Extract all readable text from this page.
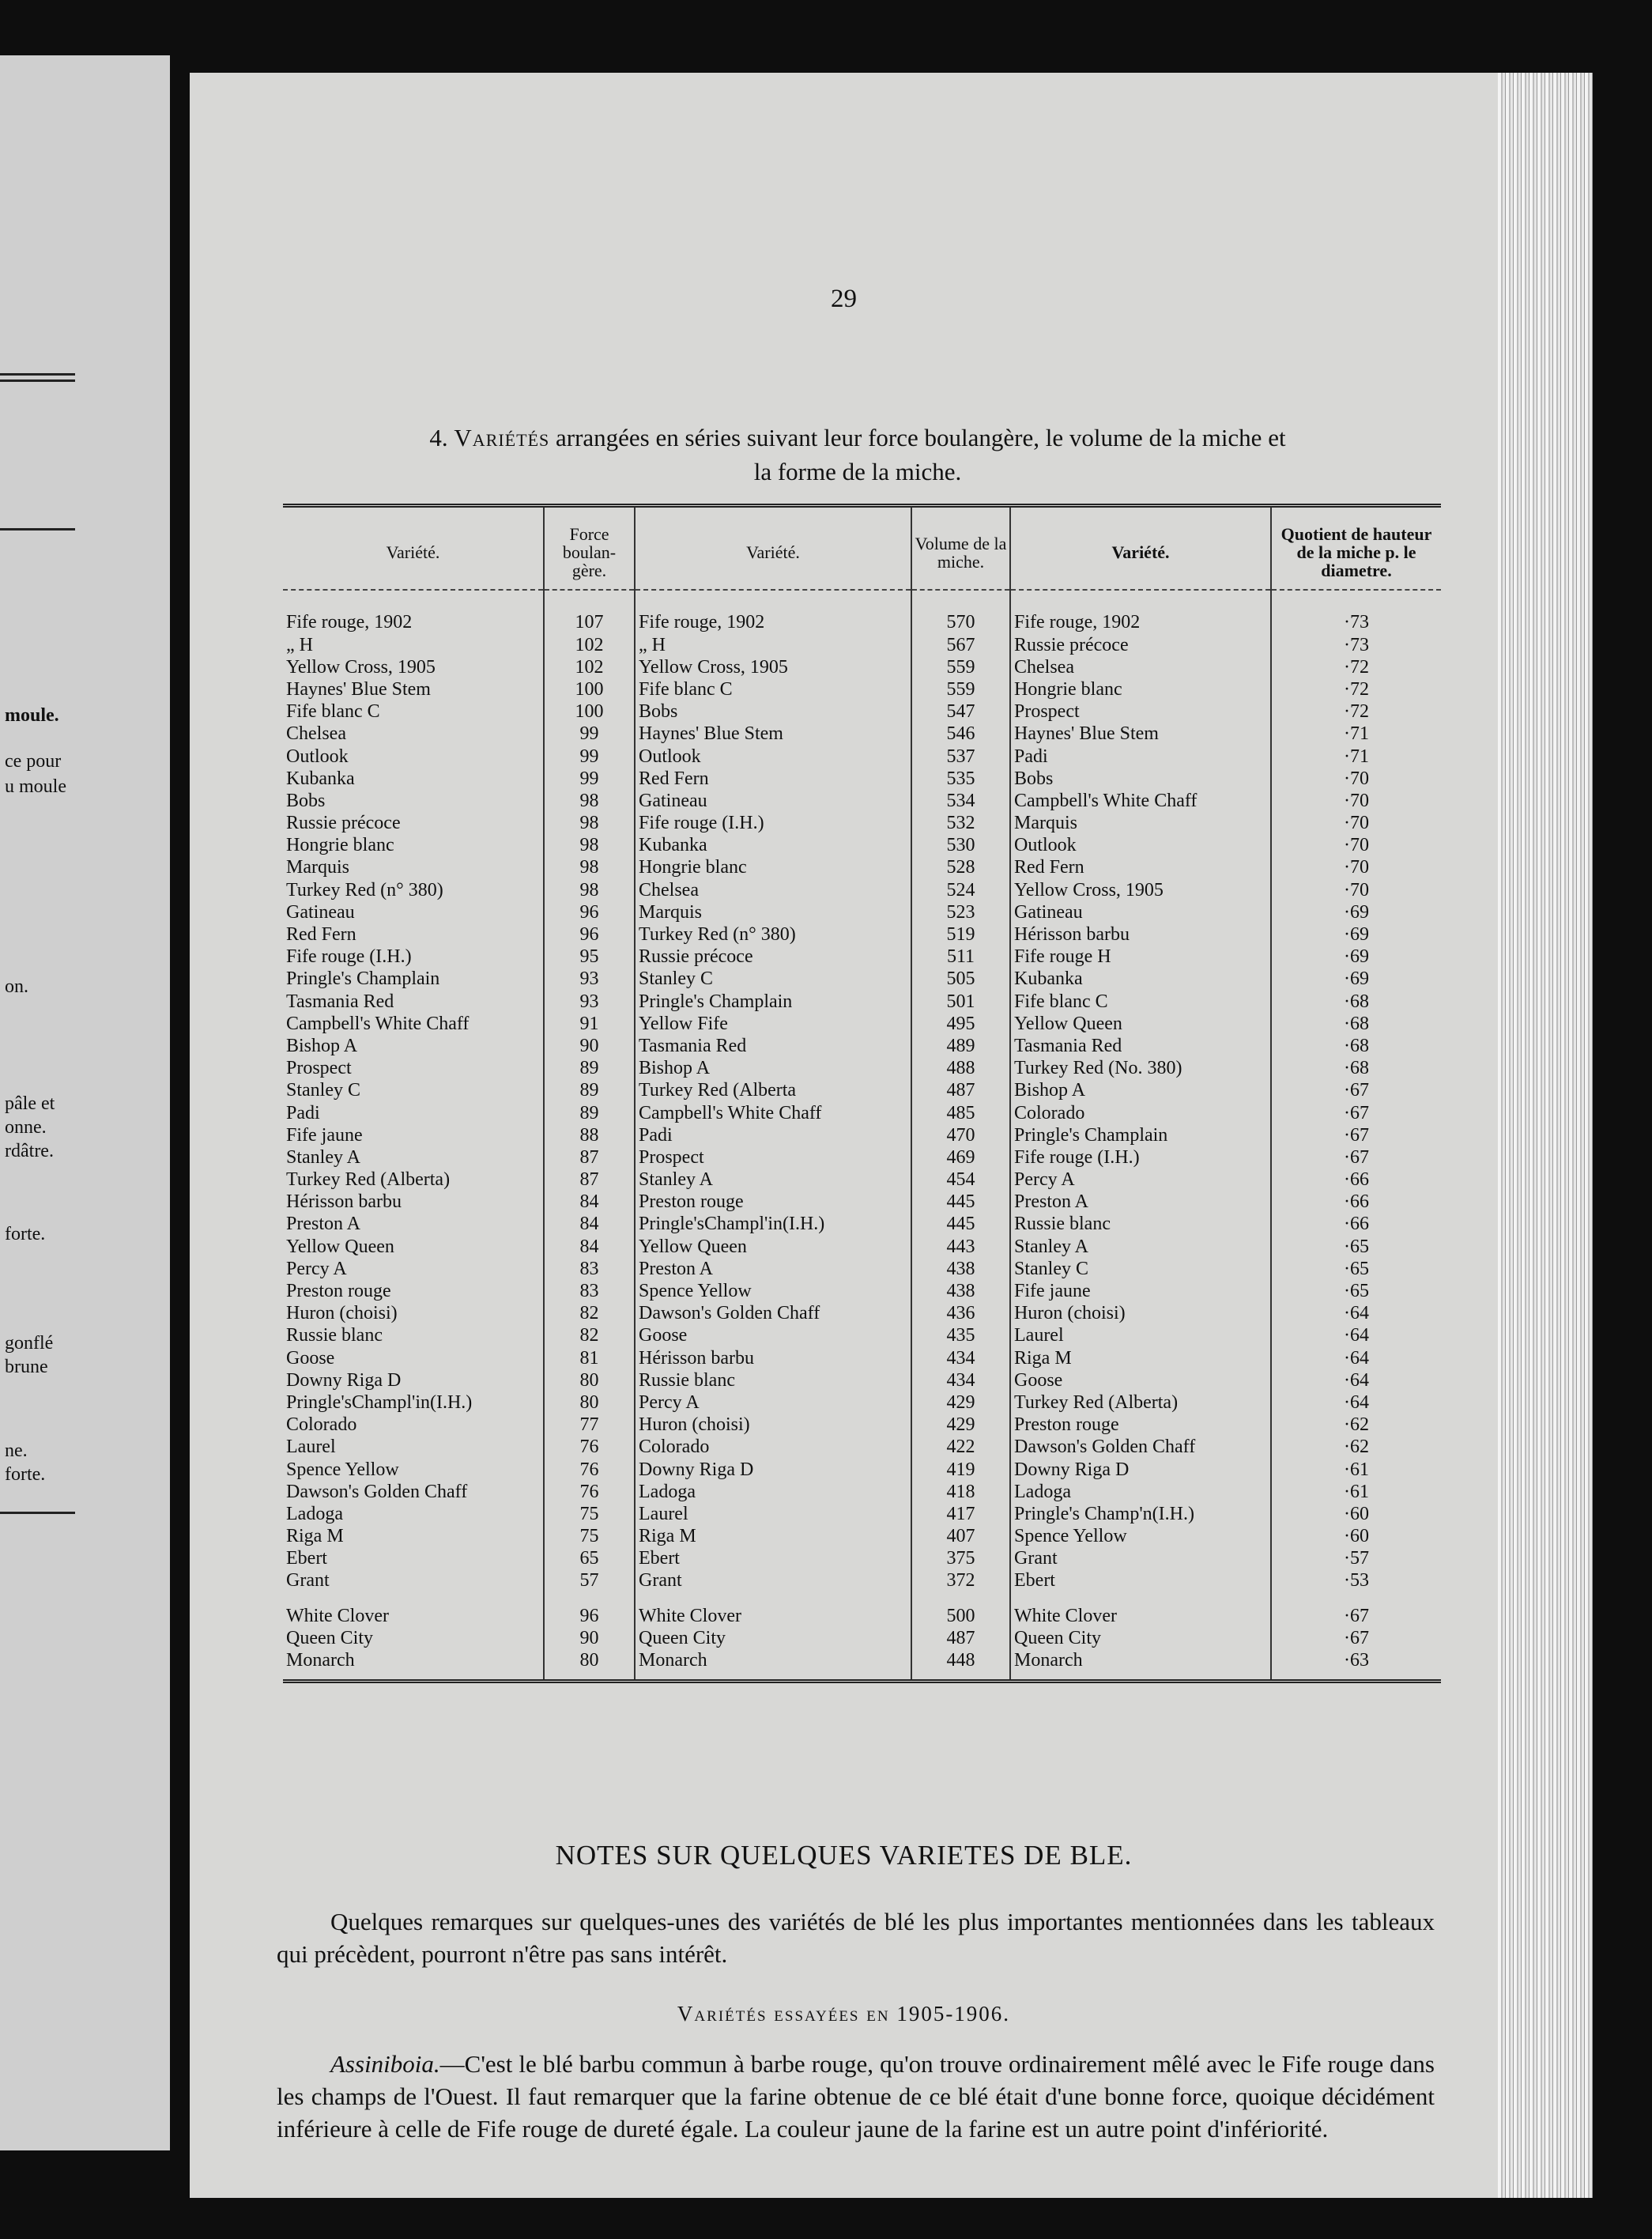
moule.
ce pour
u moule
on.
pâle et
onne.
rdâtre.
forte.
gonflé
brune
ne.
forte.
29
4. Variétés arrangées en séries suivant leur force boulangère, le volume de la miche et
la forme de la miche.
Variété.	Force boulan-gère.	Variété.	Volume de la miche.	Variété.	Quotient de hauteur de la miche p. le diametre.
Fife rouge, 1902	107	Fife rouge, 1902	570	Fife rouge, 1902	·73
„ H	102	„ H	567	Russie précoce	·73
Yellow Cross, 1905	102	Yellow Cross, 1905	559	Chelsea	·72
Haynes' Blue Stem	100	Fife blanc C	559	Hongrie blanc	·72
Fife blanc C	100	Bobs	547	Prospect	·72
Chelsea	99	Haynes' Blue Stem	546	Haynes' Blue Stem	·71
Outlook	99	Outlook	537	Padi	·71
Kubanka	99	Red Fern	535	Bobs	·70
Bobs	98	Gatineau	534	Campbell's White Chaff	·70
Russie précoce	98	Fife rouge (I.H.)	532	Marquis	·70
Hongrie blanc	98	Kubanka	530	Outlook	·70
Marquis	98	Hongrie blanc	528	Red Fern	·70
Turkey Red (n° 380)	98	Chelsea	524	Yellow Cross, 1905	·70
Gatineau	96	Marquis	523	Gatineau	·69
Red Fern	96	Turkey Red (n° 380)	519	Hérisson barbu	·69
Fife rouge (I.H.)	95	Russie précoce	511	Fife rouge H	·69
Pringle's Champlain	93	Stanley C	505	Kubanka	·69
Tasmania Red	93	Pringle's Champlain	501	Fife blanc C	·68
Campbell's White Chaff	91	Yellow Fife	495	Yellow Queen	·68
Bishop A	90	Tasmania Red	489	Tasmania Red	·68
Prospect	89	Bishop A	488	Turkey Red (No. 380)	·68
Stanley C	89	Turkey Red (Alberta	487	Bishop A	·67
Padi	89	Campbell's White Chaff	485	Colorado	·67
Fife jaune	88	Padi	470	Pringle's Champlain	·67
Stanley A	87	Prospect	469	Fife rouge (I.H.)	·67
Turkey Red (Alberta)	87	Stanley A	454	Percy A	·66
Hérisson barbu	84	Preston rouge	445	Preston A	·66
Preston A	84	Pringle'sChampl'in(I.H.)	445	Russie blanc	·66
Yellow Queen	84	Yellow Queen	443	Stanley A	·65
Percy A	83	Preston A	438	Stanley C	·65
Preston rouge	83	Spence Yellow	438	Fife jaune	·65
Huron (choisi)	82	Dawson's Golden Chaff	436	Huron (choisi)	·64
Russie blanc	82	Goose	435	Laurel	·64
Goose	81	Hérisson barbu	434	Riga M	·64
Downy Riga D	80	Russie blanc	434	Goose	·64
Pringle'sChampl'in(I.H.)	80	Percy A	429	Turkey Red (Alberta)	·64
Colorado	77	Huron (choisi)	429	Preston rouge	·62
Laurel	76	Colorado	422	Dawson's Golden Chaff	·62
Spence Yellow	76	Downy Riga D	419	Downy Riga D	·61
Dawson's Golden Chaff	76	Ladoga	418	Ladoga	·61
Ladoga	75	Laurel	417	Pringle's Champ'n(I.H.)	·60
Riga M	75	Riga M	407	Spence Yellow	·60
Ebert	65	Ebert	375	Grant	·57
Grant	57	Grant	372	Ebert	·53

White Clover	96	White Clover	500	White Clover	·67
Queen City	90	Queen City	487	Queen City	·67
Monarch	80	Monarch	448	Monarch	·63
NOTES SUR QUELQUES VARIETES DE BLE.
Quelques remarques sur quelques-unes des variétés de blé les plus importantes mentionnées dans les tableaux qui précèdent, pourront n'être pas sans intérêt.
Variétés essayées en 1905-1906.
Assiniboia.—C'est le blé barbu commun à barbe rouge, qu'on trouve ordinairement mêlé avec le Fife rouge dans les champs de l'Ouest. Il faut remarquer que la farine obtenue de ce blé était d'une bonne force, quoique décidément inférieure à celle de Fife rouge de dureté égale. La couleur jaune de la farine est un autre point d'infériorité.
